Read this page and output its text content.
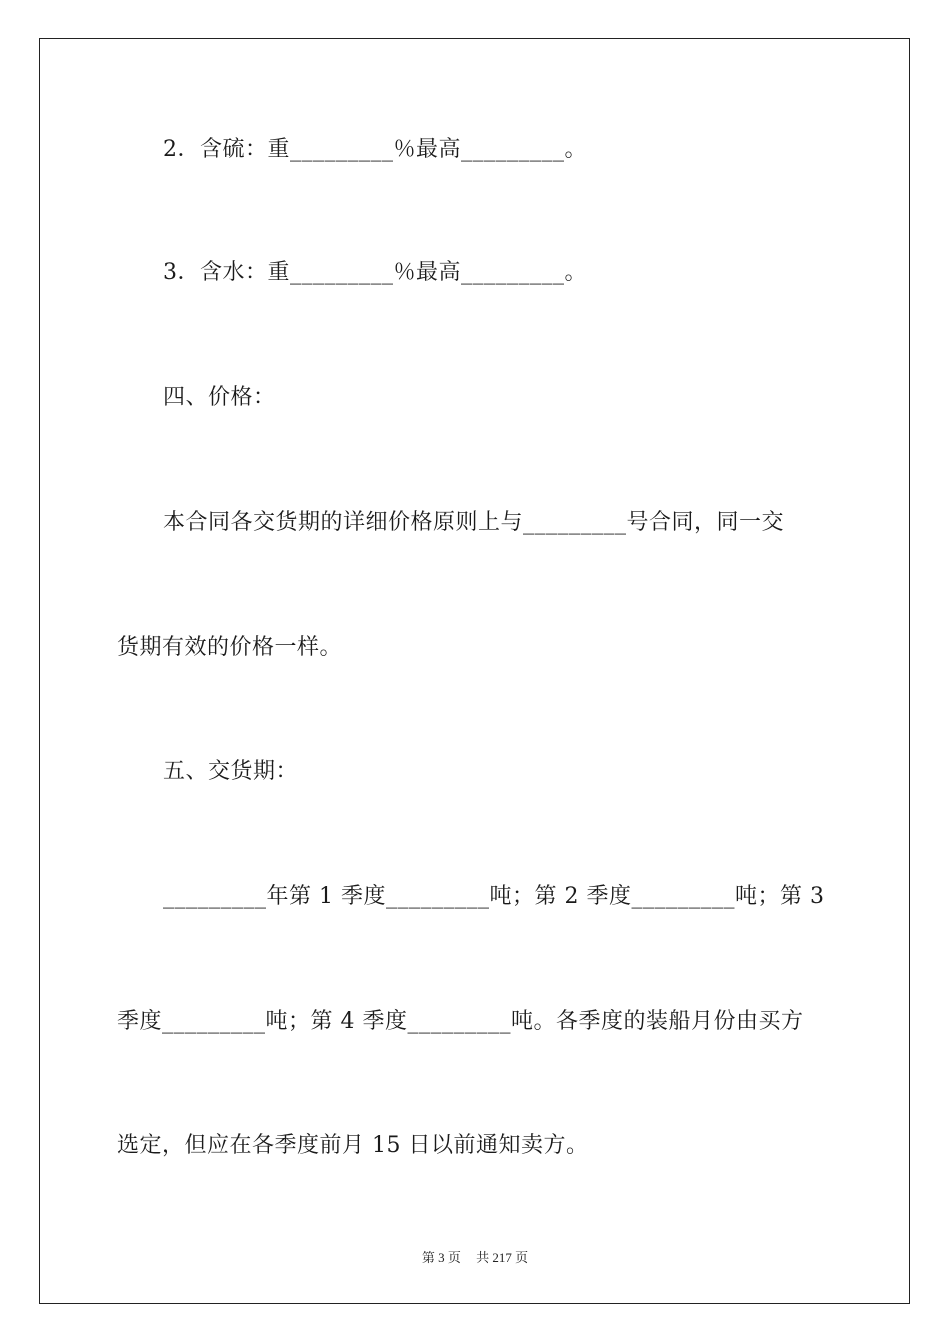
2．含硫：重_________％最高_________。
3．含水：重_________％最高_________。
四、价格：
本合同各交货期的详细价格原则上与_________号合同，同一交
货期有效的价格一样。
五、交货期：
_________年第 1 季度_________吨；第 2 季度_________吨；第 3
季度_________吨；第 4 季度_________吨。各季度的装船月份由买方
选定，但应在各季度前月 15 日以前通知卖方。
第 3 页 共 217 页
